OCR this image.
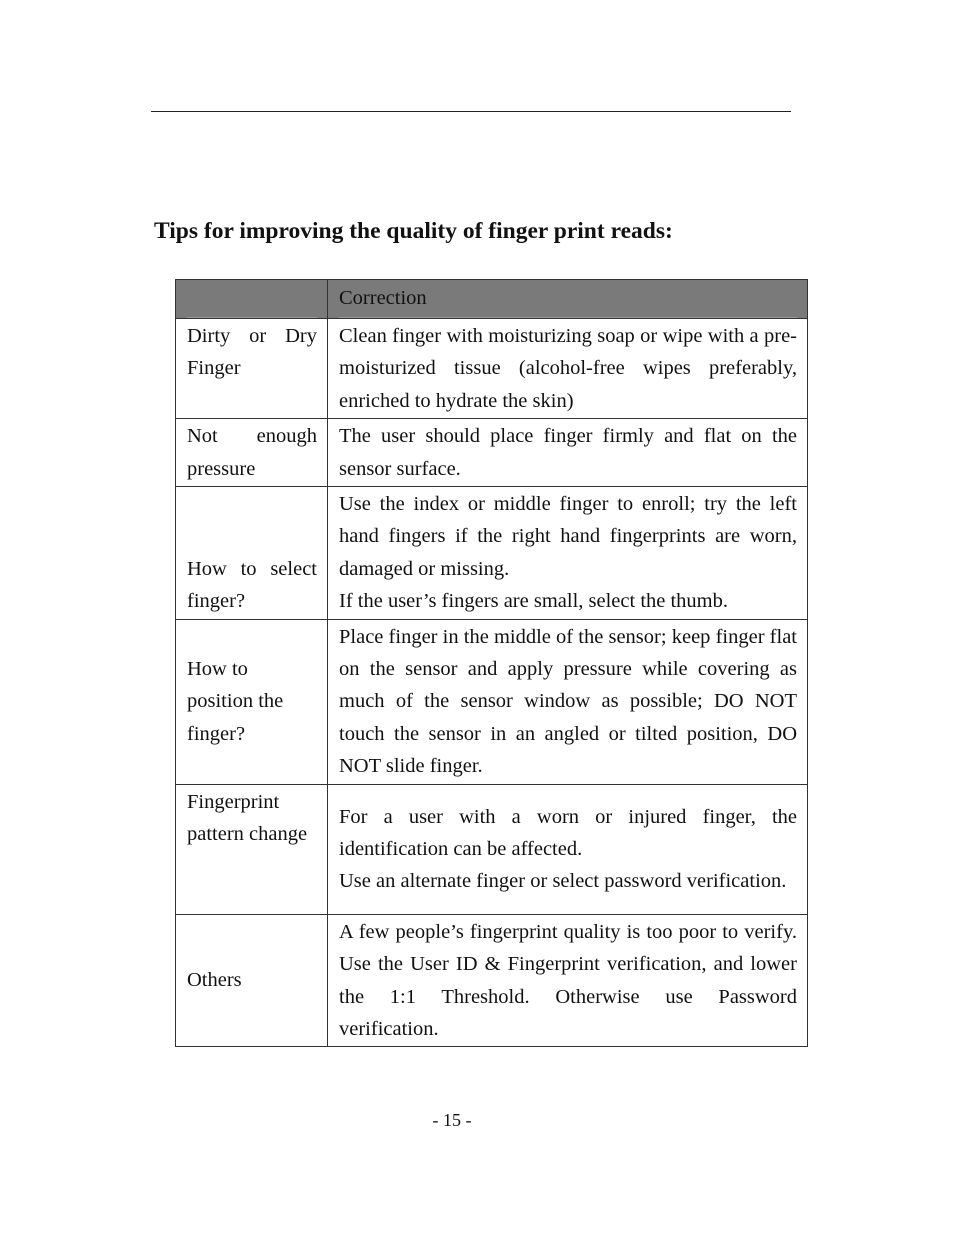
Tips for improving the quality of finger print reads:

	Correction

Dirty or Dry Finger	Clean finger with moisturizing soap or wipe with a pre-moisturized tissue (alcohol-free wipes preferably, enriched to hydrate the skin)

Not enough pressure	The user should place finger firmly and flat on the sensor surface.

How to select finger?	Use the index or middle finger to enroll; try the left hand fingers if the right hand fingerprints are worn, damaged or missing.
If the user’s fingers are small, select the thumb.

How to position the finger?	Place finger in the middle of the sensor; keep finger flat on the sensor and apply pressure while covering as much of the sensor window as possible; DO NOT touch the sensor in an angled or tilted position, DO NOT slide finger.

Fingerprint pattern change	For a user with a worn or injured finger, the identification can be affected.
Use an alternate finger or select password verification.

Others	A few people’s fingerprint quality is too poor to verify. Use the User ID & Fingerprint verification, and lower the 1:1 Threshold. Otherwise use Password verification.
- 15 -
